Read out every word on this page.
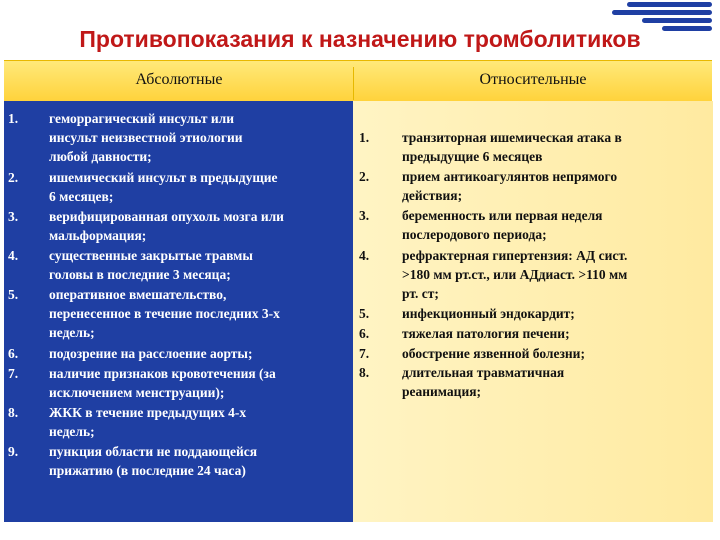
Противопоказания к назначению тромболитиков
Абсолютные	Относительные
1. геморрагический инсульт или
инсульт неизвестной этиологии
любой давности;
2. ишемический инсульт в предыдущие
6 месяцев;
3. верифицированная опухоль мозга или
мальформация;
4. существенные закрытые травмы
головы в последние 3 месяца;
5. оперативное вмешательство,
перенесенное в течение последних 3-х
недель;
6. подозрение на расслоение аорты;
7. наличие признаков кровотечения (за
исключением менструации);
8. ЖКК в течение предыдущих 4-х
недель;
9. пункция области не поддающейся
прижатию (в последние 24 часа)
1. транзиторная ишемическая атака в
предыдущие 6 месяцев
2. прием антикоагулянтов непрямого
действия;
3. беременность или первая неделя
послеродового периода;
4. рефрактерная гипертензия: АД сист.
>180 мм рт.ст., или АДдиаст. >110 мм
рт. ст;
5. инфекционный эндокардит;
6. тяжелая патология печени;
7. обострение язвенной болезни;
8. длительная травматичная
реанимация;
